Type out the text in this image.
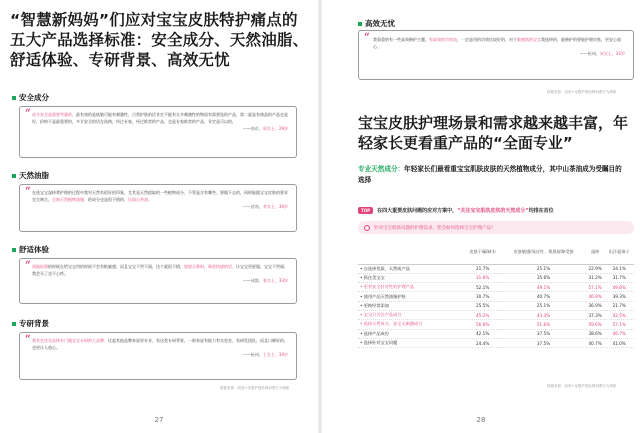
“智慧新妈妈”们应对宝宝皮肤特护痛点的五大产品选择标准：安全成分、天然油脂、舒适体验、专研背景、高效无忧
安全成分
“ 成分安全是重要考量的，最有效的是低敏可能有刺激性，日常护肤的话肯定不能有太多刺激性的物质有需要选的产品，第二就是有商品的产品也是好，价格不是最重要的，多半安全的话在选购，经过专家、经过推荐的产品，也是专家推荐的产品，肯定是可以的，
——南京，周女士，29岁
天然油脂
“ 在选宝宝湿疹膏护理的过程中我对天然有很好的印象，尤其是天然提取的一些植物成分，不管是含有哪些、要做下去的，同时能跟宝宝皮肤的要求完全吻合，全新天然植物油脂，的成分也是很不错的，比如山茶油。
——济南，李女士，30岁
舒适体验
“ 质地轻薄的时候在给宝宝用的时候不会有粘腻感，而且宝宝不哭不闹，这个就很不错，如果无香料，吸收快速的话，让宝宝更舒服，宝宝不哭闹，我会买了也不心疼。
——成都，张女士，33岁
专研背景
“ 我肯定优先选择专门做宝宝专研的大品牌，比起其他品牌来说更专业，有这类专研背景，一般来说有能力有实验室，有研发团队，而且口碑好的，也更让人放心。
——杭州，王女士，34岁
数据来源：凯度+母婴护理品牌消费行为调研
27
高效无忧
“ 我看重的有一些高效修护主题，有高效的功效表，一定是用的功效比较好的，对于敏感肌的宝宝我选择的，能修护的要能护理皮肤，更安心放心。
——杭州，宋女士，32岁
数据来源：凯度+母婴护理品牌消费行为调研
宝宝皮肤护理场景和需求越来越丰富，年轻家长更看重产品的“全面专业”
专业天然成分：年轻家长们最看重宝宝肌肤皮肤的天然植物成分，其中山茶油成为受瞩目的选择
TOP	在四大重要皮肤问题的应对方案中，“关注宝宝肌肤皮肤的天然成分”均排在首位
针对宝宝肌肤问题的护理需求，您会如何选择宝宝护理产品？
	皮肤干燥/缺水	皮肤敏感/易泛红、肌肤屏障受损	湿疹	出汗起痱子
• 自选择优质、天然或产品	21.7%	25.1%	22.9%	24.1%
• 抓住美宝宝	31.6%	35.6%	31.2%	31.7%
• 更有安全针对性的护理产品	52.1%	49.1%	57.1%	49.8%
• 使用产品天然油脂护肤	30.7%	40.7%	46.9%	39.3%
• 更换经常添加	25.5%	25.1%	36.9%	21.7%
• 宝宝只关注产品成分	45.2%	43.3%	37.3%	42.5%
• 选择天然成分、安全无刺激成分	56.6%	51.6%	59.6%	57.1%
• 选择产品成份	42.1%	37.5%	38.6%	46.7%
• 选择针对宝宝问题	24.4%	37.5%	40.7%	41.0%
数据来源：凯度+母婴护理品牌消费行为调研
28
